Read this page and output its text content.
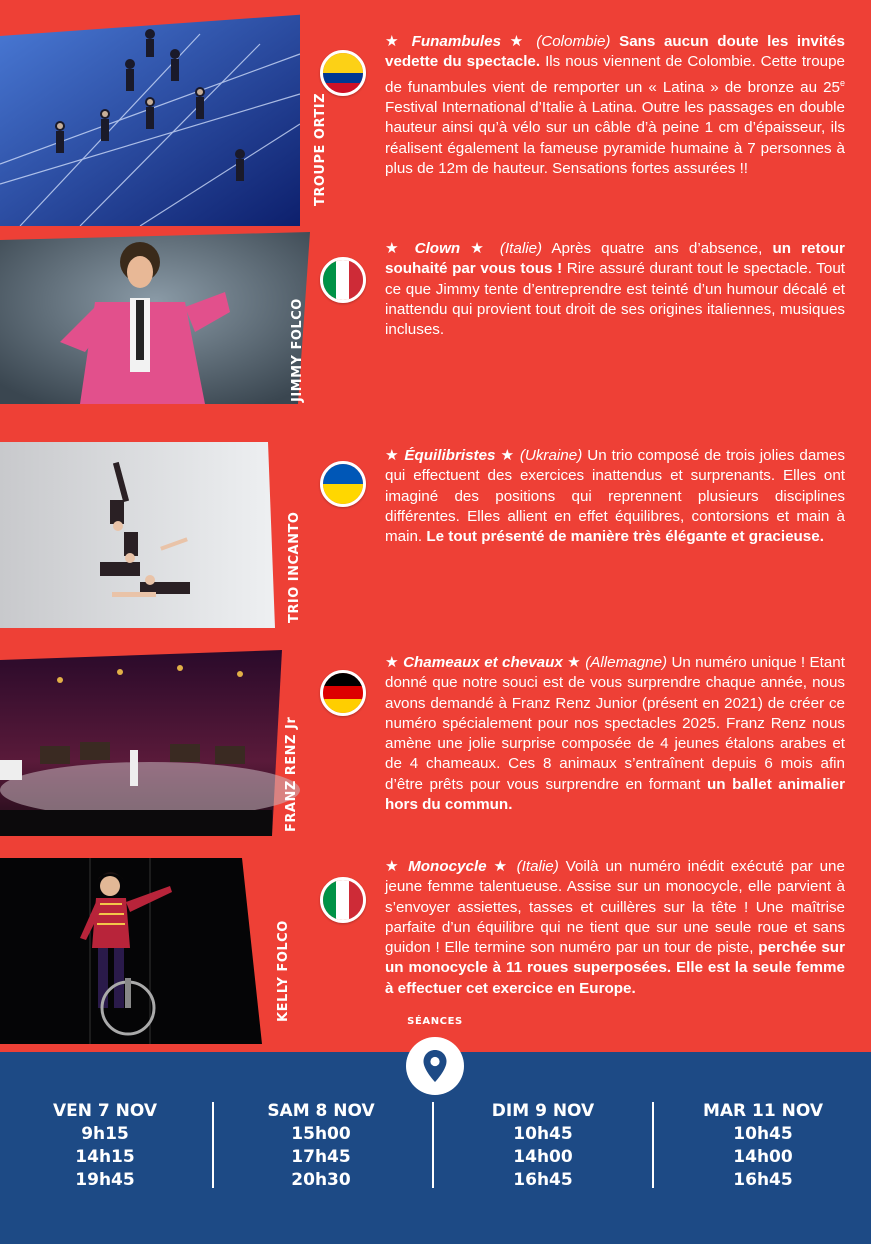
TROUPE ORTIZ
★ Funambules ★ (Colombie) Sans aucun doute les invités vedette du spectacle. Ils nous viennent de Colombie. Cette troupe de funambules vient de remporter un « Latina » de bronze au 25e Festival International d’Italie à Latina. Outre les passages en double hauteur ainsi qu’à vélo sur un câble d’à peine 1 cm d’épaisseur, ils réalisent également la fameuse pyramide humaine à 7 personnes à plus de 12m de hauteur. Sensations fortes assurées !!
JIMMY FOLCO
★ Clown ★ (Italie) Après quatre ans d’absence, un retour souhaité par vous tous ! Rire assuré durant tout le spectacle. Tout ce que Jimmy tente d’entreprendre est teinté d’un humour décalé et inattendu qui provient tout droit de ses origines italiennes, musiques incluses.
TRIO INCANTO
★ Équilibristes ★ (Ukraine) Un trio composé de trois jolies dames qui effectuent des exercices inattendus et surprenants. Elles ont imaginé des positions qui reprennent plusieurs disciplines différentes. Elles allient en effet équilibres, contorsions et main à main. Le tout présenté de manière très élégante et gracieuse.
FRANZ RENZ Jr
★ Chameaux et chevaux ★ (Allemagne) Un numéro unique ! Etant donné que notre souci est de vous surprendre chaque année, nous avons demandé à Franz Renz Junior (présent en 2021) de créer ce numéro spécialement pour nos spectacles 2025. Franz Renz nous amène une jolie surprise composée de 4 jeunes étalons arabes et de 4 chameaux. Ces 8 animaux s’entraînent depuis 6 mois afin d’être prêts pour vous surprendre en formant un ballet animalier hors du commun.
KELLY FOLCO
★ Monocycle ★ (Italie) Voilà un numéro inédit exécuté par une jeune femme talentueuse. Assise sur un monocycle, elle parvient à s’envoyer assiettes, tasses et cuillères sur la tête ! Une maîtrise parfaite d’un équilibre qui ne tient que sur une seule roue et sans guidon ! Elle termine son numéro par un tour de piste, perchée sur un monocycle à 11 roues superposées. Elle est la seule femme à effectuer cet exercice en Europe.
SÉANCES
VEN 7 NOV
9h15
14h15
19h45
SAM 8 NOV
15h00
17h45
20h30
DIM 9 NOV
10h45
14h00
16h45
MAR 11 NOV
10h45
14h00
16h45
